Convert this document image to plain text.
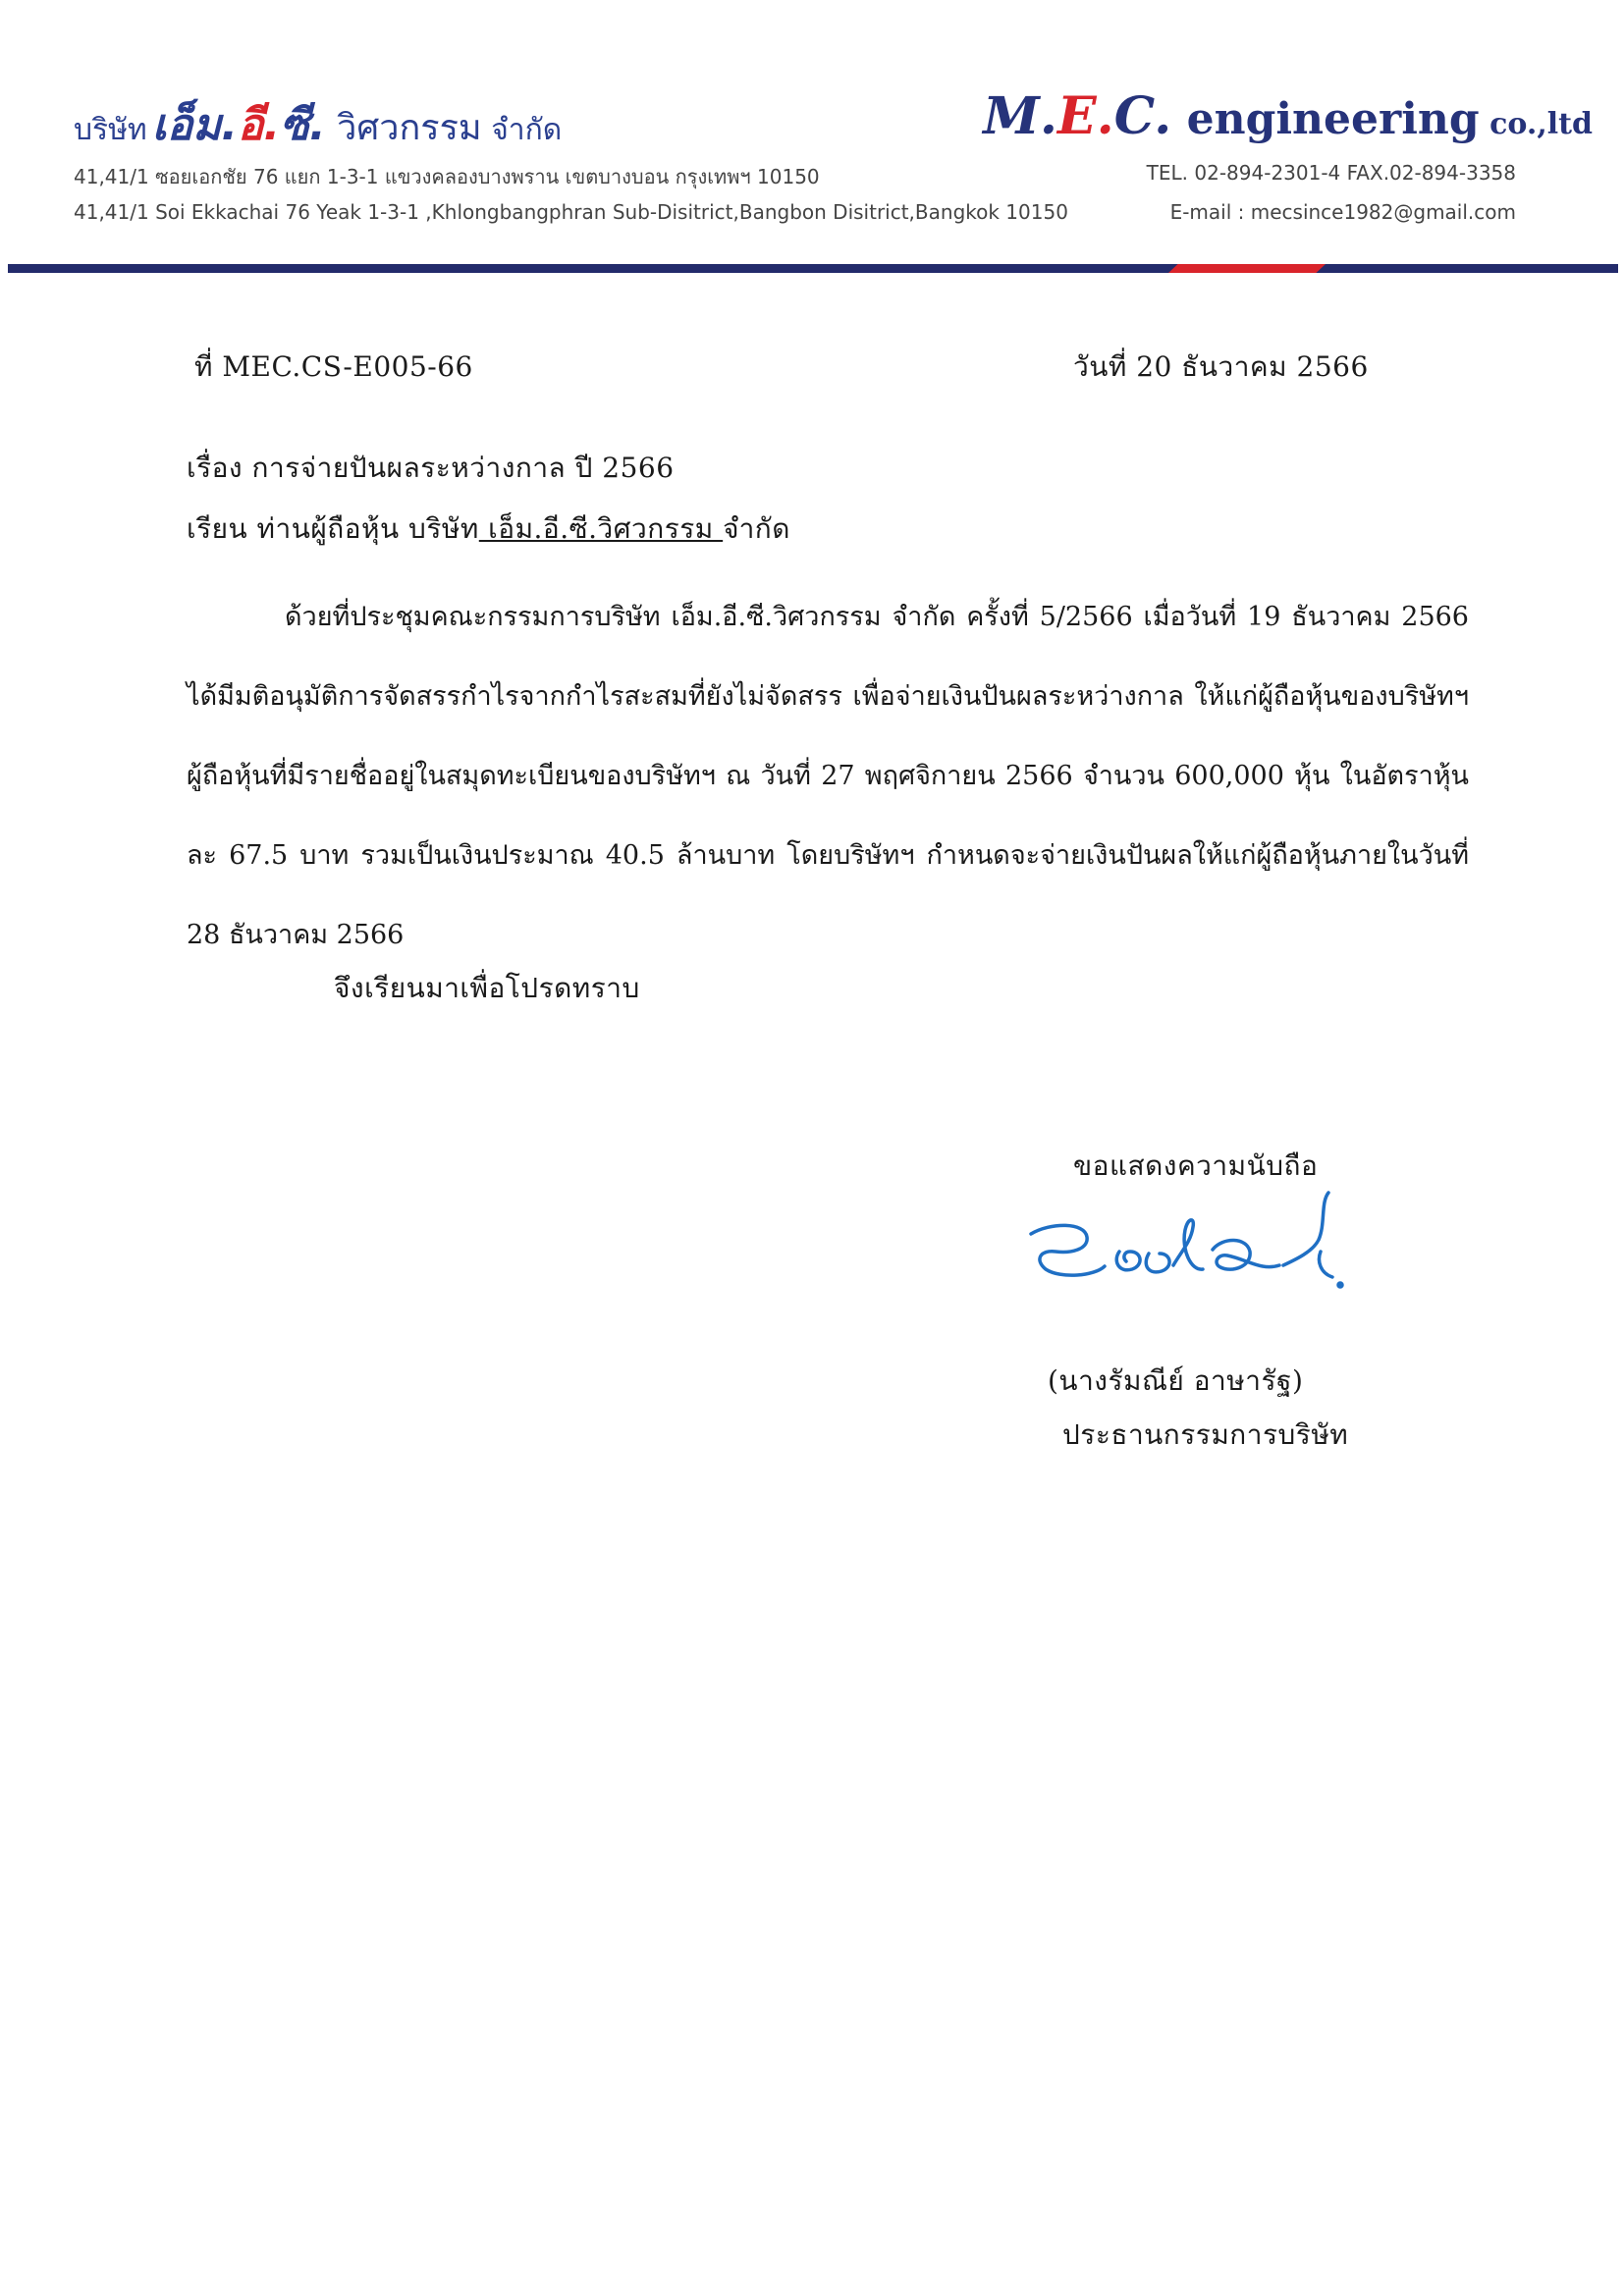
บริษัท เอ็ม.อี.ซี. วิศวกรรม จำกัด	M.E.C. engineering co.,ltd
41,41/1 ซอยเอกชัย 76 แยก 1-3-1 แขวงคลองบางพราน เขตบางบอน กรุงเทพฯ 10150
41,41/1 Soi Ekkachai 76 Yeak 1-3-1 ,Khlongbangphran Sub-Disitrict,Bangbon Disitrict,Bangkok 10150
TEL. 02-894-2301-4 FAX.02-894-3358
E-mail : mecsince1982@gmail.com
ที่ MEC.CS-E005-66	วันที่ 20 ธันวาคม 2566
เรื่อง การจ่ายปันผลระหว่างกาล ปี 2566
เรียน ท่านผู้ถือหุ้น บริษัท เอ็ม.อี.ซี.วิศวกรรม จำกัด
ด้วยที่ประชุมคณะกรรมการบริษัท เอ็ม.อี.ซี.วิศวกรรม จำกัด ครั้งที่ 5/2566 เมื่อวันที่ 19 ธันวาคม 2566 ได้มีมติอนุมัติการจัดสรรกำไรจากกำไรสะสมที่ยังไม่จัดสรร เพื่อจ่ายเงินปันผลระหว่างกาล ให้แก่ผู้ถือหุ้นของบริษัทฯ ผู้ถือหุ้นที่มีรายชื่ออยู่ในสมุดทะเบียนของบริษัทฯ ณ วันที่ 27 พฤศจิกายน 2566 จำนวน 600,000 หุ้น ในอัตราหุ้นละ 67.5 บาท รวมเป็นเงินประมาณ 40.5 ล้านบาท โดยบริษัทฯ กำหนดจะจ่ายเงินปันผลให้แก่ผู้ถือหุ้นภายในวันที่ 28 ธันวาคม 2566
จึงเรียนมาเพื่อโปรดทราบ
ขอแสดงความนับถือ
(นางรัมณีย์ อาษารัฐ)
ประธานกรรมการบริษัท
